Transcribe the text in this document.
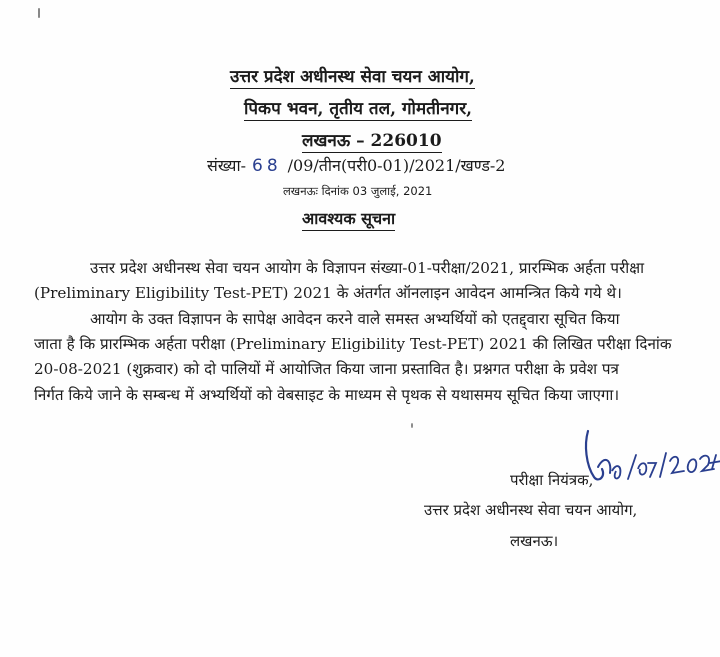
उत्तर प्रदेश अधीनस्थ सेवा चयन आयोग,
पिकप भवन, तृतीय तल, गोमतीनगर,
लखनऊ – 226010
संख्या- 68 /09/तीन(परी0-01)/2021/खण्ड-2
लखनऊः दिनांक 03 जुलाई, 2021
आवश्यक सूचना
उत्तर प्रदेश अधीनस्थ सेवा चयन आयोग के विज्ञापन संख्या-01-परीक्षा/2021, प्रारम्भिक अर्हता परीक्षा
(Preliminary Eligibility Test-PET) 2021 के अंतर्गत ऑनलाइन आवेदन आमन्त्रित किये गये थे।
आयोग के उक्त विज्ञापन के सापेक्ष आवेदन करने वाले समस्त अभ्यर्थियों को एतद्द्वारा सूचित किया
जाता है कि प्रारम्भिक अर्हता परीक्षा (Preliminary Eligibility Test-PET) 2021 की लिखित परीक्षा दिनांक
20-08-2021 (शुक्रवार) को दो पालियों में आयोजित किया जाना प्रस्तावित है। प्रश्नगत परीक्षा के प्रवेश पत्र
निर्गत किये जाने के सम्बन्ध में अभ्यर्थियों को वेबसाइट के माध्यम से पृथक से यथासमय सूचित किया जाएगा।
परीक्षा नियंत्रक,
उत्तर प्रदेश अधीनस्थ सेवा चयन आयोग,
लखनऊ।
